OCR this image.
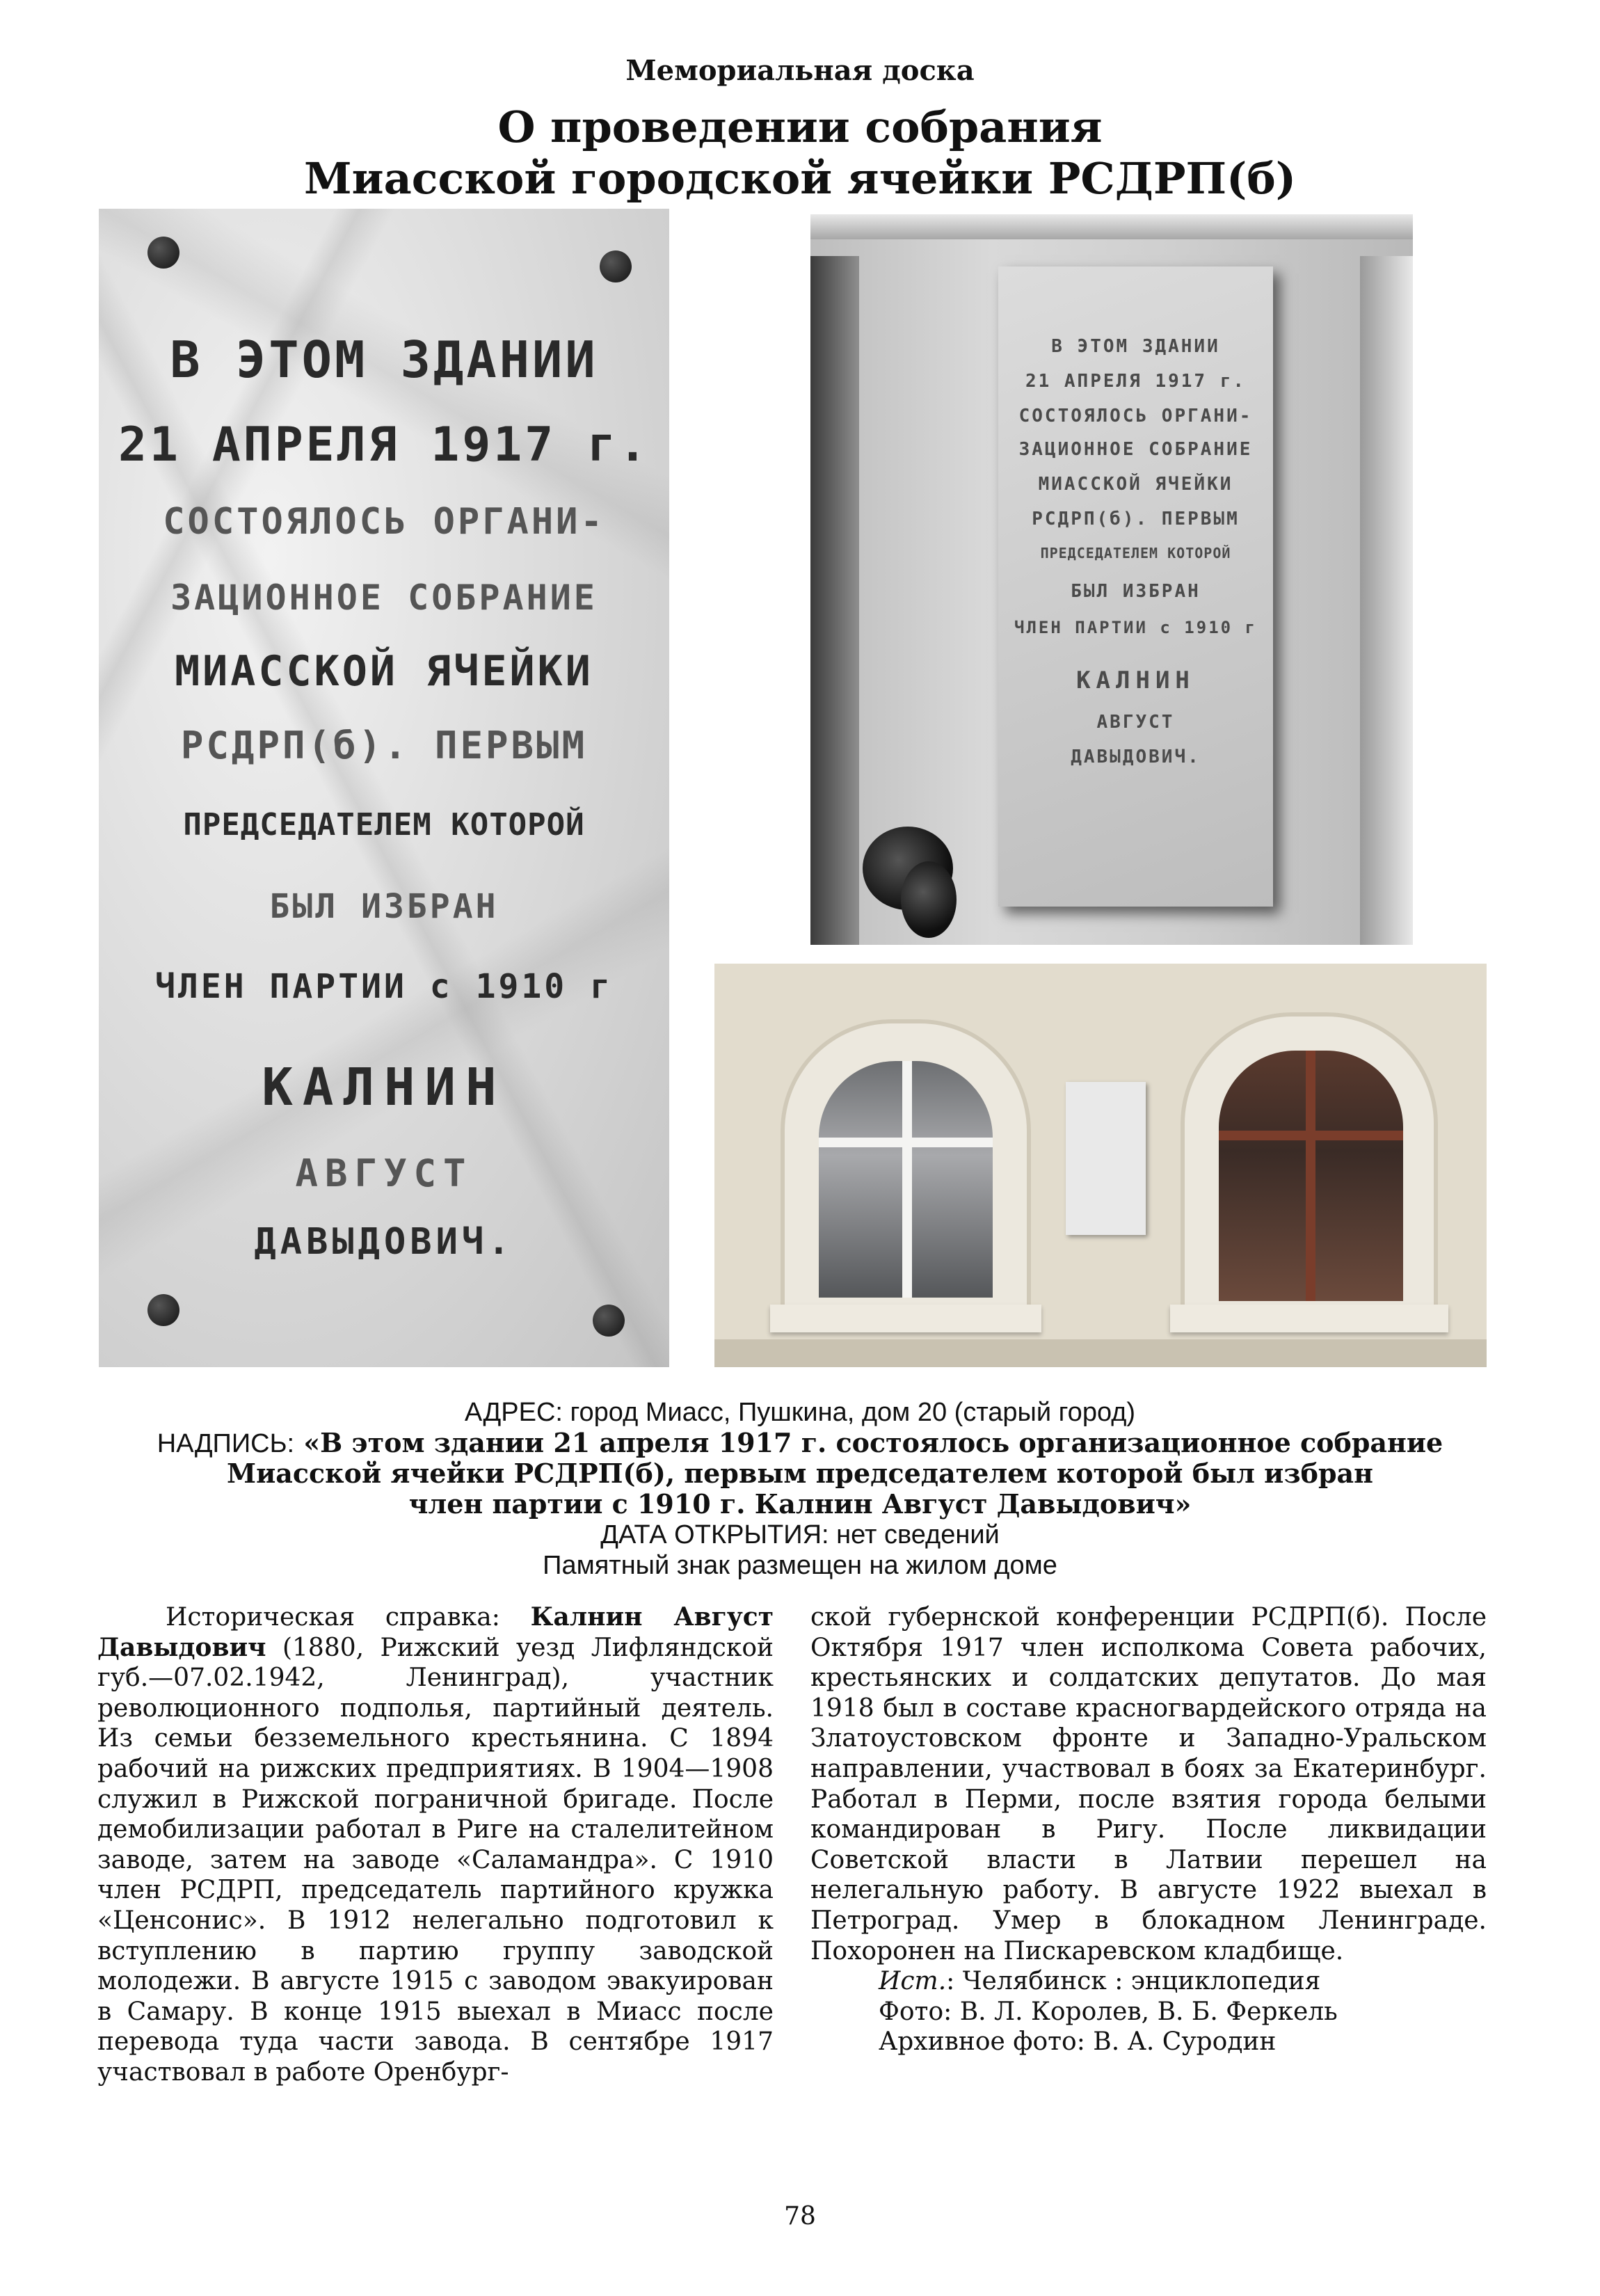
Мемориальная доска
О проведении собрания
Миасской городской ячейки РСДРП(б)
В ЭТОМ ЗДАНИИ
21 АПРЕЛЯ 1917 г.
СОСТОЯЛОСЬ ОРГАНИ-
ЗАЦИОННОЕ СОБРАНИЕ
МИАССКОЙ ЯЧЕЙКИ
РСДРП(б). ПЕРВЫМ
ПРЕДСЕДАТЕЛЕМ КОТОРОЙ
БЫЛ ИЗБРАН
ЧЛЕН ПАРТИИ с 1910 г
КАЛНИН
АВГУСТ
ДАВЫДОВИЧ.
В ЭТОМ ЗДАНИИ
21 АПРЕЛЯ 1917 г.
СОСТОЯЛОСЬ ОРГАНИ-
ЗАЦИОННОЕ СОБРАНИЕ
МИАССКОЙ ЯЧЕЙКИ
РСДРП(б). ПЕРВЫМ
ПРЕДСЕДАТЕЛЕМ КОТОРОЙ
БЫЛ ИЗБРАН
ЧЛЕН ПАРТИИ с 1910 г
КАЛНИН
АВГУСТ
ДАВЫДОВИЧ.
АДРЕС: город Миасс, Пушкина, дом 20 (старый город)
НАДПИСЬ: «В этом здании 21 апреля 1917 г. состоялось организационное собрание
Миасской ячейки РСДРП(б), первым председателем которой был избран
член партии с 1910 г. Калнин Август Давыдович»
ДАТА ОТКРЫТИЯ: нет сведений
Памятный знак размещен на жилом доме

Историческая справка: Калнин Август Давыдович (1880, Рижский уезд Лифляндской губ.—07.02.1942, Ленинград), участник революционного подполья, партийный деятель. Из семьи безземельного крестьянина. С 1894 рабочий на рижских предприятиях. В 1904—1908 служил в Рижской пограничной бригаде. После демобилизации работал в Риге на сталелитейном заводе, затем на заводе «Саламандра». С 1910 член РСДРП, председатель партийного кружка «Ценсонис». В 1912 нелегально подготовил к вступлению в партию группу заводской молодежи. В августе 1915 с заводом эвакуирован в Самару. В конце 1915 выехал в Миасс после перевода туда части завода. В сентябре 1917 участвовал в работе Оренбург-

ской губернской конференции РСДРП(б). После Октября 1917 член исполкома Совета рабочих, крестьянских и солдатских депутатов. До мая 1918 был в составе красногвардейского отряда на Златоустовском фронте и Западно-Уральском направлении, участвовал в боях за Екатеринбург. Работал в Перми, после взятия города белыми командирован в Ригу. После ликвидации Советской власти в Латвии перешел на нелегальную работу. В августе 1922 выехал в Петроград. Умер в блокадном Ленинграде. Похоронен на Пискаревском кладбище.

Ист.: Челябинск : энциклопедия

Фото: В. Л. Королев, В. Б. Феркель

Архивное фото: В. А. Суродин

78
